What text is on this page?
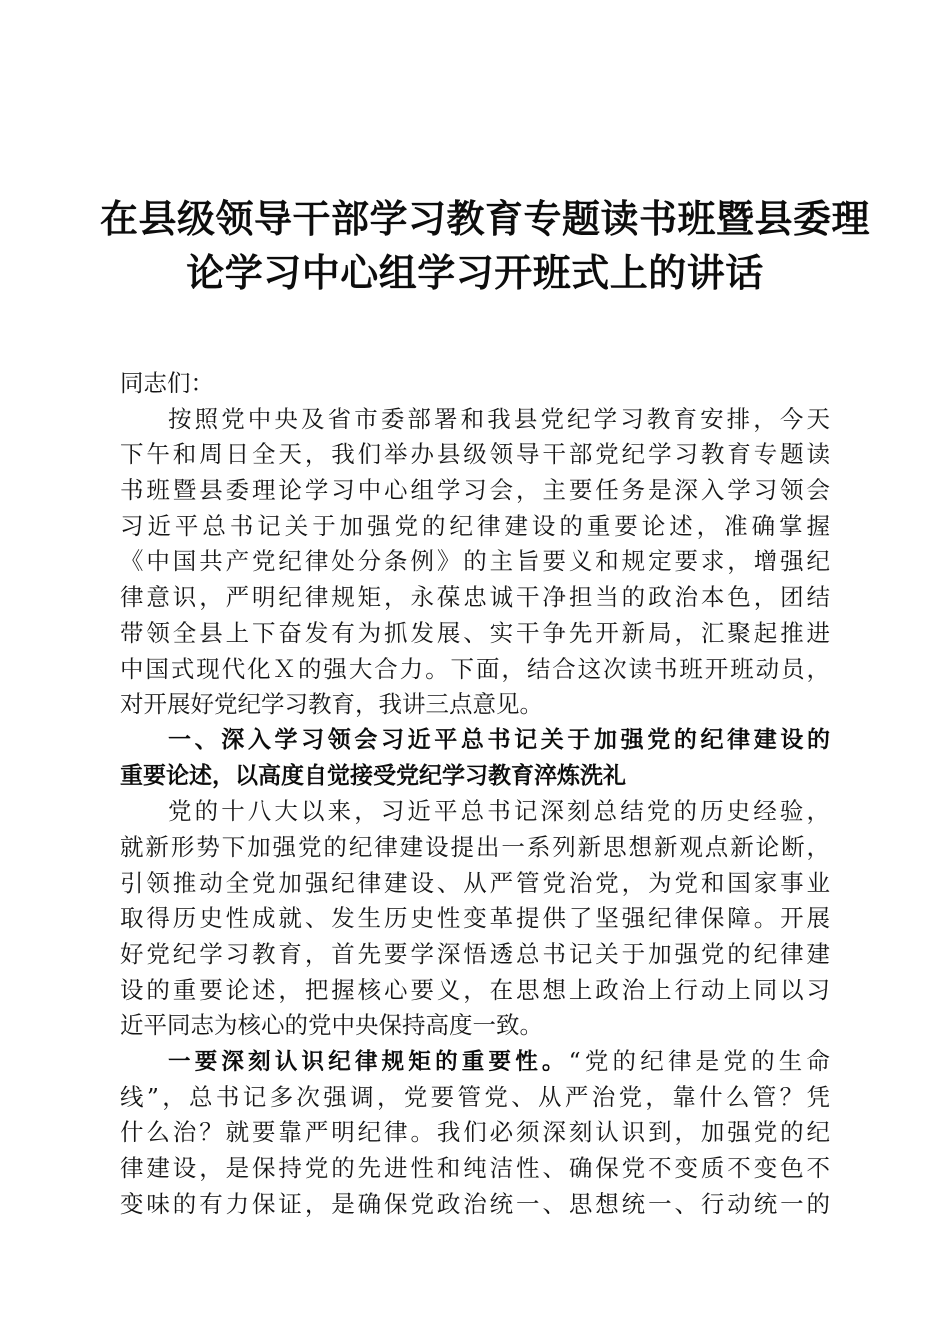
在县级领导干部学习教育专题读书班暨县委理
论学习中心组学习开班式上的讲话
同志们：
按照党中央及省市委部署和我县党纪学习教育安排，今天
下午和周日全天，我们举办县级领导干部党纪学习教育专题读
书班暨县委理论学习中心组学习会，主要任务是深入学习领会
习近平总书记关于加强党的纪律建设的重要论述，准确掌握
《中国共产党纪律处分条例》的主旨要义和规定要求，增强纪
律意识，严明纪律规矩，永葆忠诚干净担当的政治本色，团结
带领全县上下奋发有为抓发展、实干争先开新局，汇聚起推进
中国式现代化Ｘ的强大合力。下面，结合这次读书班开班动员，
对开展好党纪学习教育，我讲三点意见。
一、深入学习领会习近平总书记关于加强党的纪律建设的
重要论述，以高度自觉接受党纪学习教育淬炼洗礼
党的十八大以来，习近平总书记深刻总结党的历史经验，
就新形势下加强党的纪律建设提出一系列新思想新观点新论断，
引领推动全党加强纪律建设、从严管党治党，为党和国家事业
取得历史性成就、发生历史性变革提供了坚强纪律保障。开展
好党纪学习教育，首先要学深悟透总书记关于加强党的纪律建
设的重要论述，把握核心要义，在思想上政治上行动上同以习
近平同志为核心的党中央保持高度一致。
一要深刻认识纪律规矩的重要性。“党的纪律是党的生命
线”，总书记多次强调，党要管党、从严治党，靠什么管？凭
什么治？就要靠严明纪律。我们必须深刻认识到，加强党的纪
律建设，是保持党的先进性和纯洁性、确保党不变质不变色不
变味的有力保证，是确保党政治统一、思想统一、行动统一的
